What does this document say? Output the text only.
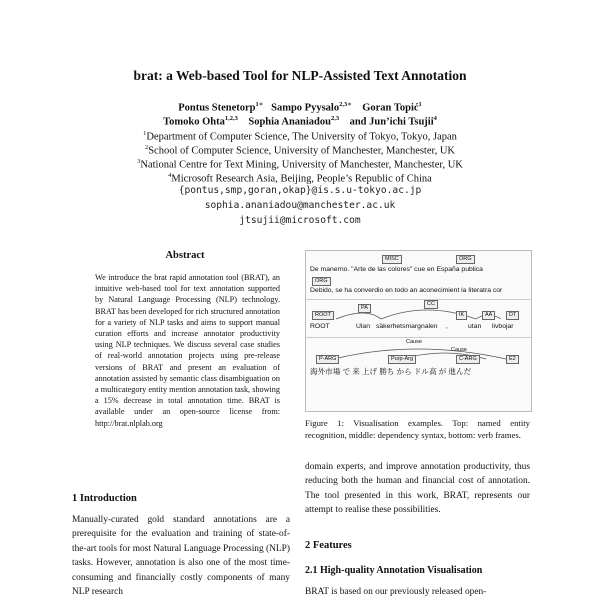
brat: a Web-based Tool for NLP-Assisted Text Annotation
Pontus Stenetorp$^{1∗}$ Sampo Pyysalo$^{2,3∗}$ Goran Topić$^1$
Tomoko Ohta$^{1,2,3}$ Sophia Ananiadou$^{2,3}$ and Jun’ichi Tsujii$^4$
$^1$Department of Computer Science, The University of Tokyo, Tokyo, Japan
$^2$School of Computer Science, University of Manchester, Manchester, UK
$^3$National Centre for Text Mining, University of Manchester, Manchester, UK
$^4$Microsoft Research Asia, Beijing, People’s Republic of China
{pontus,smp,goran,okap}@is.s.u-tokyo.ac.jp
sophia.ananiadou@manchester.ac.uk
jtsujii@microsoft.com
Abstract
We introduce the brat rapid annotation tool (BRAT), an intuitive web-based tool for text annotation supported by Natural Language Processing (NLP) technology. BRAT has been developed for rich structured annotation for a variety of NLP tasks and aims to support manual curation efforts and increase annotator productivity using NLP techniques. We discuss several case studies of real-world annotation projects using pre-release versions of BRAT and present an evaluation of annotation assisted by semantic class disambiguation on a multicategory entity mention annotation task, showing a 15% decrease in total annotation time. BRAT is available under an open-source license from: http://brat.nlplab.org
1 Introduction
Manually-curated gold standard annotations are a prerequisite for the evaluation and training of state-of-the-art tools for most Natural Language Processing (NLP) tasks. However, annotation is also one of the most time-consuming and financially costly components of many NLP research
MISC	ORG
De manerno. "Arte de las colores" cue en España publica
ORG
Debido, se ha converdio en todo an aconecimient la literatra cor
ROOT
PA
CC
IK	AA	DT
ROOT	Ulan säkerhetsmargnalen ,	utan livbojar
Cause
Cause
P-ARG	Purp-Arg	C-ARG	E2
海外市場 で 来 上げ 勝ち から ドル高 が 進んだ
Figure 1: Visualisation examples. Top: named entity recognition, middle: dependency syntax, bottom: verb frames.
domain experts, and improve annotation productivity, thus reducing both the human and financial cost of annotation. The tool presented in this work, BRAT, represents our attempt to realise these possibilities.
2 Features
2.1 High-quality Annotation Visualisation
BRAT is based on our previously released open-
